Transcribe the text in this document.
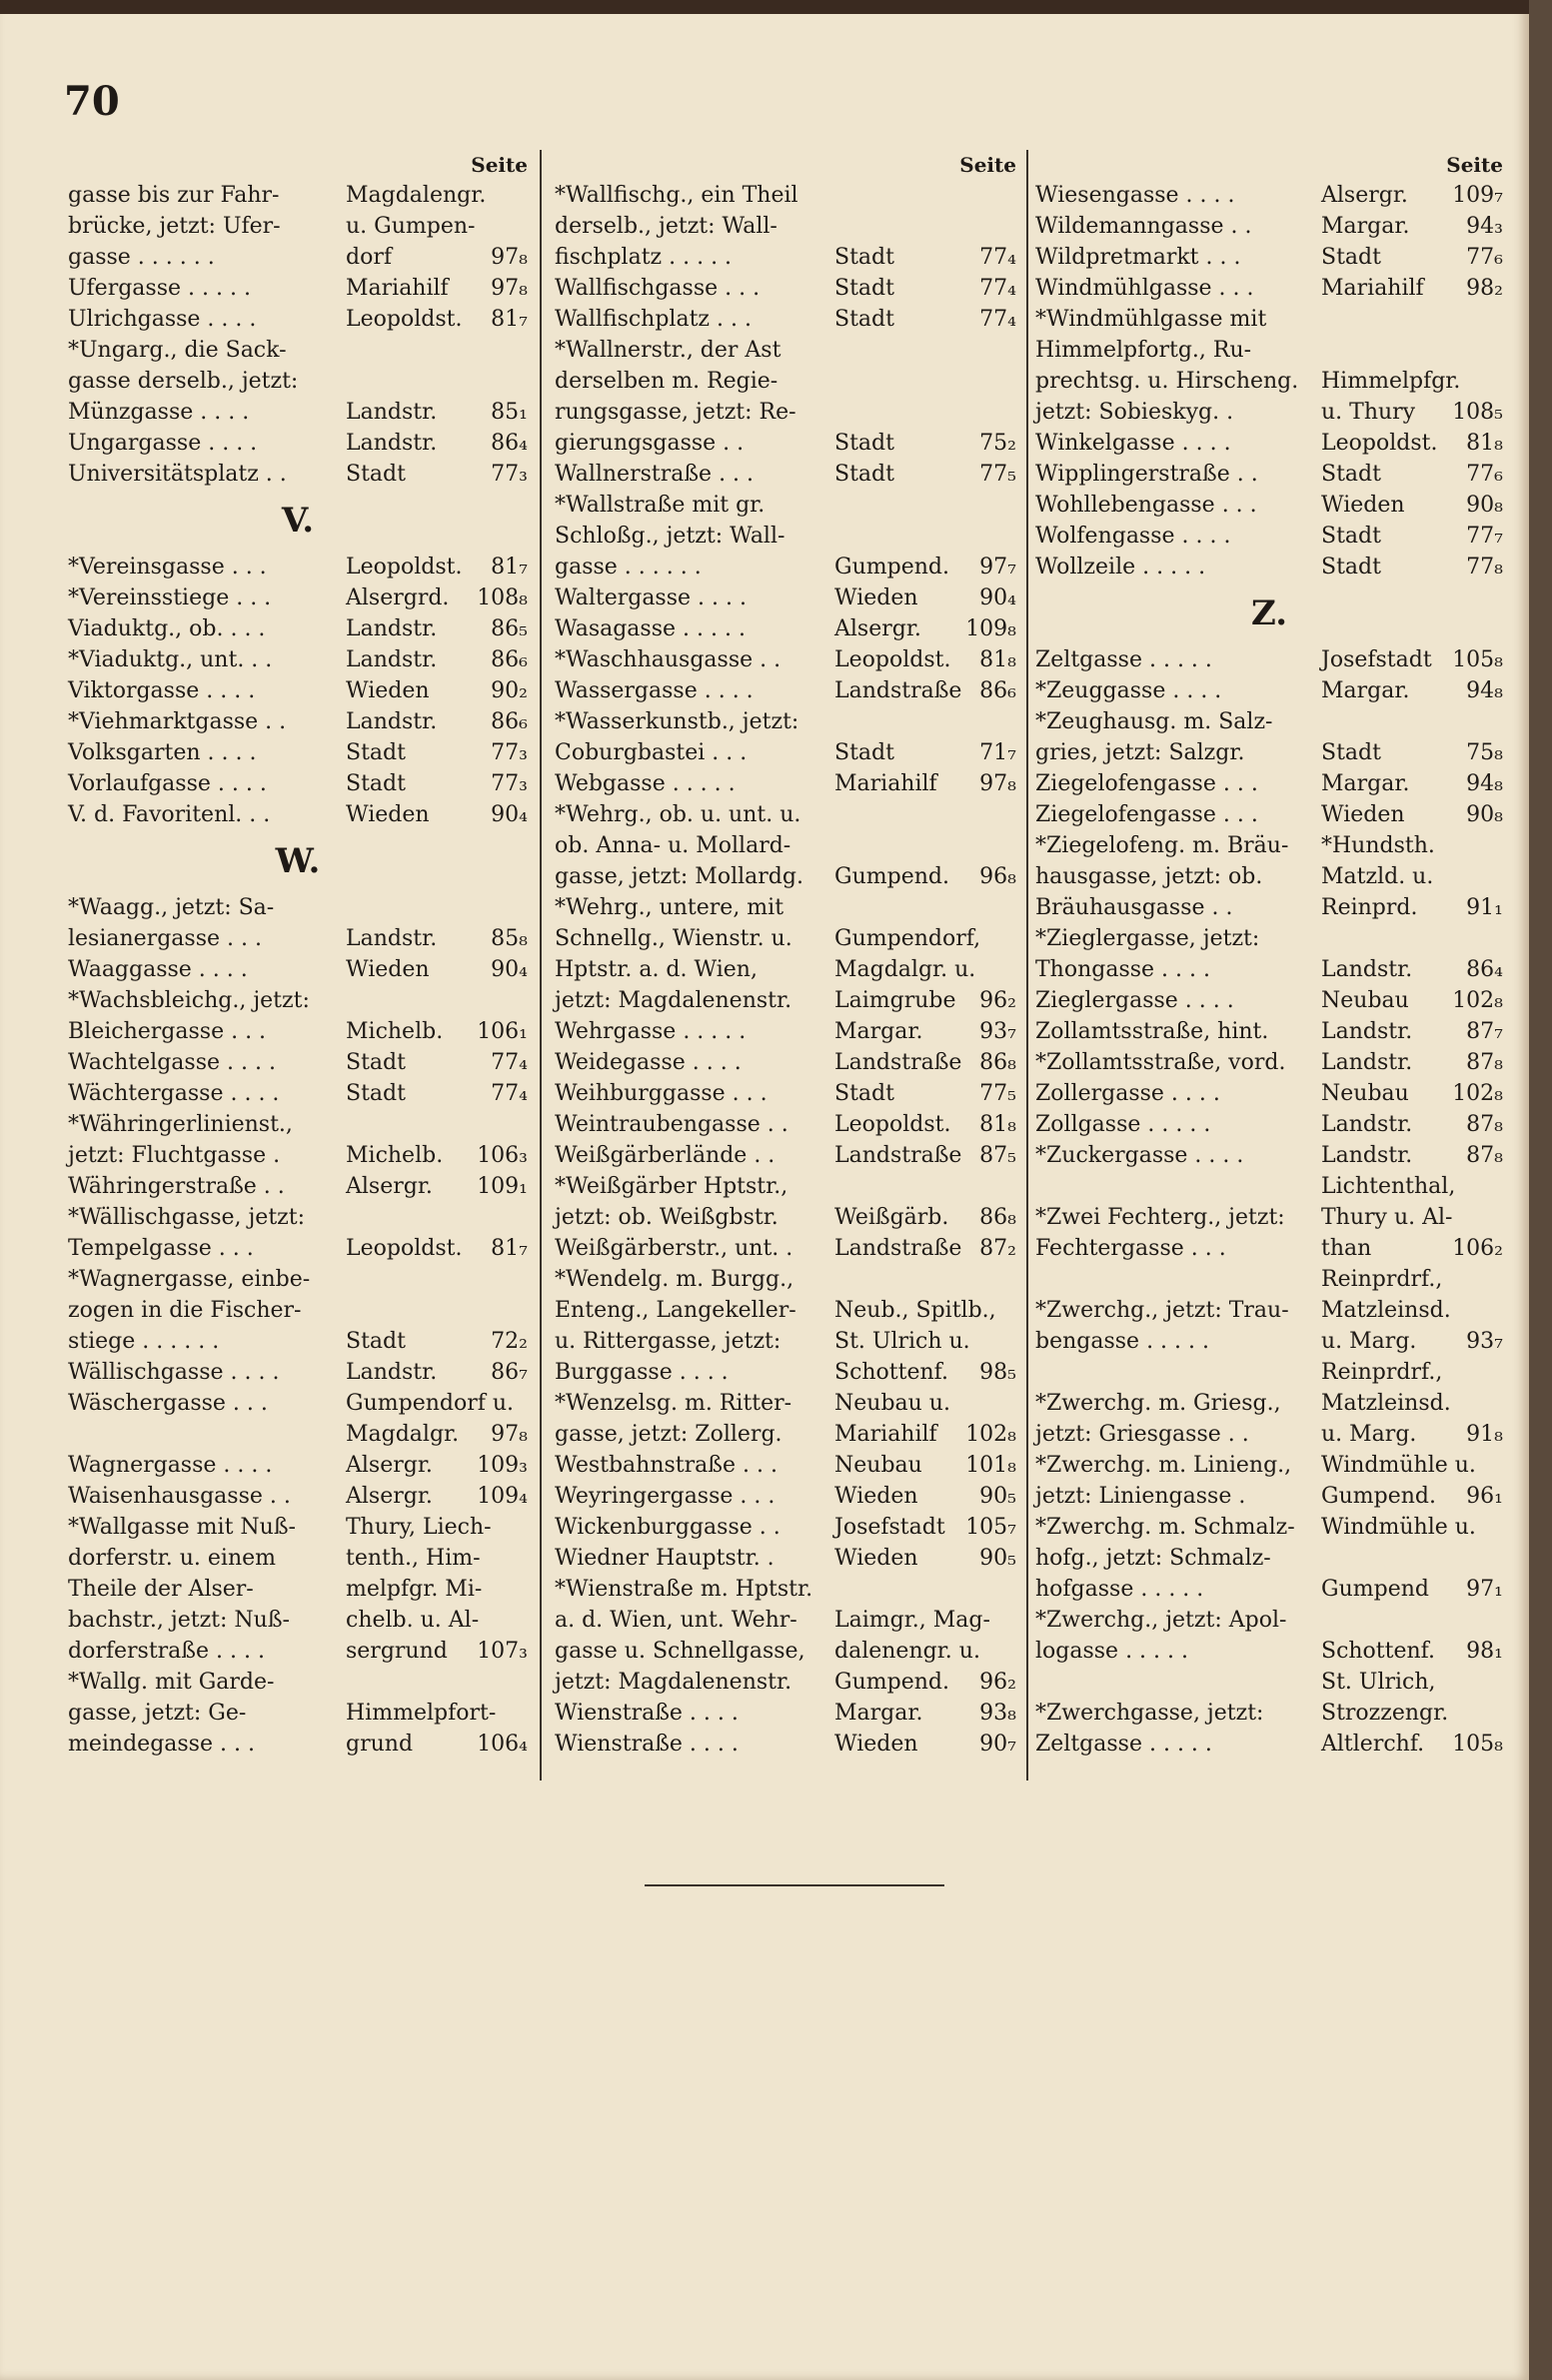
70
Seite
gasse bis zur Fahr-	Magdalengr.
brücke, jetzt: Ufer-	u. Gumpen-
gasse . . . . . .	dorf	97₈
Ufergasse . . . . .	Mariahilf 97₈
Ulrichgasse . . . .	Leopoldst. 81₇
*Ungarg., die Sack-
gasse derselb., jetzt:
Münzgasse . . . .	Landstr. 85₁
Ungargasse . . . .	Landstr. 86₄
Universitätsplatz . .	Stadt	77₃
V.
*Vereinsgasse . . .	Leopoldst. 81₇
*Vereinsstiege . . .	Alsergrd. 108₈
Viaduktg., ob. . . .	Landstr. 86₅
*Viaduktg., unt. . .	Landstr. 86₆
Viktorgasse . . . .	Wieden	90₂
*Viehmarktgasse . .	Landstr. 86₆
Volksgarten . . . .	Stadt	77₃
Vorlaufgasse . . . .	Stadt	77₃
V. d. Favoritenl. . .	Wieden	90₄
W.
*Waagg., jetzt: Sa-
lesianergasse . . .	Landstr. 85₈
Waaggasse . . . .	Wieden	90₄
*Wachsbleichg., jetzt:
Bleichergasse . . .	Michelb. 106₁
Wachtelgasse . . . .	Stadt	77₄
Wächtergasse . . . .	Stadt	77₄
*Währingerlinienst.,
jetzt: Fluchtgasse .	Michelb. 106₃
Währingerstraße . .	Alsergr. 109₁
*Wällischgasse, jetzt:
Tempelgasse . . .	Leopoldst. 81₇
*Wagnergasse, einbe-
zogen in die Fischer-
stiege . . . . . .	Stadt	72₂
Wällischgasse . . . .	Landstr. 86₇
Wäschergasse . . .	Gumpendorf u.
Magdalgr. 97₈
Wagnergasse . . . .	Alsergr. 109₃
Waisenhausgasse . .	Alsergr. 109₄
*Wallgasse mit Nuß- Thury, Liech-
dorferstr. u. einem	tenth., Him-
Theile der Alser-	melpfgr. Mi-
bachstr., jetzt: Nuß-	chelb. u. Al-
dorferstraße . . . .	sergrund 107₃
*Wallg. mit Garde-
gasse, jetzt: Ge-	Himmelpfort-
meindegasse . . .	grund	106₄
Seite
*Wallfischg., ein Theil
derselb., jetzt: Wall-
fischplatz . . . . .	Stadt	77₄
Wallfischgasse . . .	Stadt	77₄
Wallfischplatz . . .	Stadt	77₄
*Wallnerstr., der Ast
derselben m. Regie-
rungsgasse, jetzt: Re-
gierungsgasse . .	Stadt	75₂
Wallnerstraße . . .	Stadt	77₅
*Wallstraße mit gr.
Schloßg., jetzt: Wall-
gasse . . . . . .	Gumpend. 97₇
Waltergasse . . . .	Wieden	90₄
Wasagasse . . . . .	Alsergr. 109₈
*Waschhausgasse . . Leopoldst. 81₈
Wassergasse . . . .	Landstraße 86₆
*Wasserkunstb., jetzt:
Coburgbastei . . .	Stadt	71₇
Webgasse . . . . .	Mariahilf 97₈
*Wehrg., ob. u. unt. u.
ob. Anna- u. Mollard-
gasse, jetzt: Mollardg. Gumpend. 96₈
*Wehrg., untere, mit
Schnellg., Wienstr. u. Gumpendorf,
Hptstr. a. d. Wien,	Magdalgr. u.
jetzt: Magdalenenstr. Laimgrube 96₂
Wehrgasse . . . . .	Margar.	93₇
Weidegasse . . . .	Landstraße 86₈
Weihburggasse . . .	Stadt	77₅
Weintraubengasse . . Leopoldst. 81₈
Weißgärberlände . .	Landstraße 87₅
*Weißgärber Hptstr.,
jetzt: ob. Weißgbstr.	Weißgärb. 86₈
Weißgärberstr., unt. . Landstraße 87₂
*Wendelg. m. Burgg.,
Enteng., Langekeller- Neub., Spitlb.,
u. Rittergasse, jetzt: St. Ulrich u.
Burggasse . . . .	Schottenf. 98₅
*Wenzelsg. m. Ritter- Neubau u.
gasse, jetzt: Zollerg. Mariahilf 102₈
Westbahnstraße . . .	Neubau 101₈
Weyringergasse . . .	Wieden	90₅
Wickenburggasse . . Josefstadt 105₇
Wiedner Hauptstr. .	Wieden	90₅
*Wienstraße m. Hptstr.
a. d. Wien, unt. Wehr- Laimgr., Mag-
gasse u. Schnellgasse, dalenengr. u.
jetzt: Magdalenenstr. Gumpend. 96₂
Wienstraße . . . .	Margar.	93₈
Wienstraße . . . .	Wieden	90₇
Seite
Wiesengasse . . . .	Alsergr. 109₇
Wildemanngasse . .	Margar.	94₃
Wildpretmarkt . . .	Stadt	77₆
Windmühlgasse . . .	Mariahilf 98₂
*Windmühlgasse mit
Himmelpfortg., Ru-
prechtsg. u. Hirscheng. Himmelpfgr.
jetzt: Sobieskyg. .	u. Thury 108₅
Winkelgasse . . . .	Leopoldst. 81₈
Wipplingerstraße . .	Stadt	77₆
Wohllebengasse . . .	Wieden	90₈
Wolfengasse . . . .	Stadt	77₇
Wollzeile . . . . .	Stadt	77₈
Z.
Zeltgasse . . . . .	Josefstadt 105₈
*Zeuggasse . . . .	Margar.	94₈
*Zeughausg. m. Salz-
gries, jetzt: Salzgr.	Stadt	75₈
Ziegelofengasse . . .	Margar.	94₈
Ziegelofengasse . . .	Wieden	90₈
*Ziegelofeng. m. Bräu- *Hundsth.
hausgasse, jetzt: ob.	Matzld. u.
Bräuhausgasse . .	Reinprd. 91₁
*Zieglergasse, jetzt:
Thongasse . . . .	Landstr. 86₄
Zieglergasse . . . .	Neubau 102₈
Zollamtsstraße, hint. Landstr. 87₇
*Zollamtsstraße, vord. Landstr. 87₈
Zollergasse . . . .	Neubau 102₈
Zollgasse . . . . .	Landstr. 87₈
*Zuckergasse . . . .	Landstr. 87₈
Lichtenthal,
*Zwei Fechterg., jetzt: Thury u. Al-
Fechtergasse . . .	than	106₂
Reinprdrf.,
*Zwerchg., jetzt: Trau- Matzleinsd.
bengasse . . . . .	u. Marg. 93₇
Reinprdrf.,
*Zwerchg. m. Griesg., Matzleinsd.
jetzt: Griesgasse . .	u. Marg. 91₈
*Zwerchg. m. Linieng., Windmühle u.
jetzt: Liniengasse .	Gumpend. 96₁
*Zwerchg. m. Schmalz- Windmühle u.
hofg., jetzt: Schmalz-
hofgasse . . . . .	Gumpend 97₁
*Zwerchg., jetzt: Apol-
logasse . . . . .	Schottenf. 98₁
St. Ulrich,
*Zwerchgasse, jetzt:	Strozzengr.
Zeltgasse . . . . .	Altlerchf. 105₈
